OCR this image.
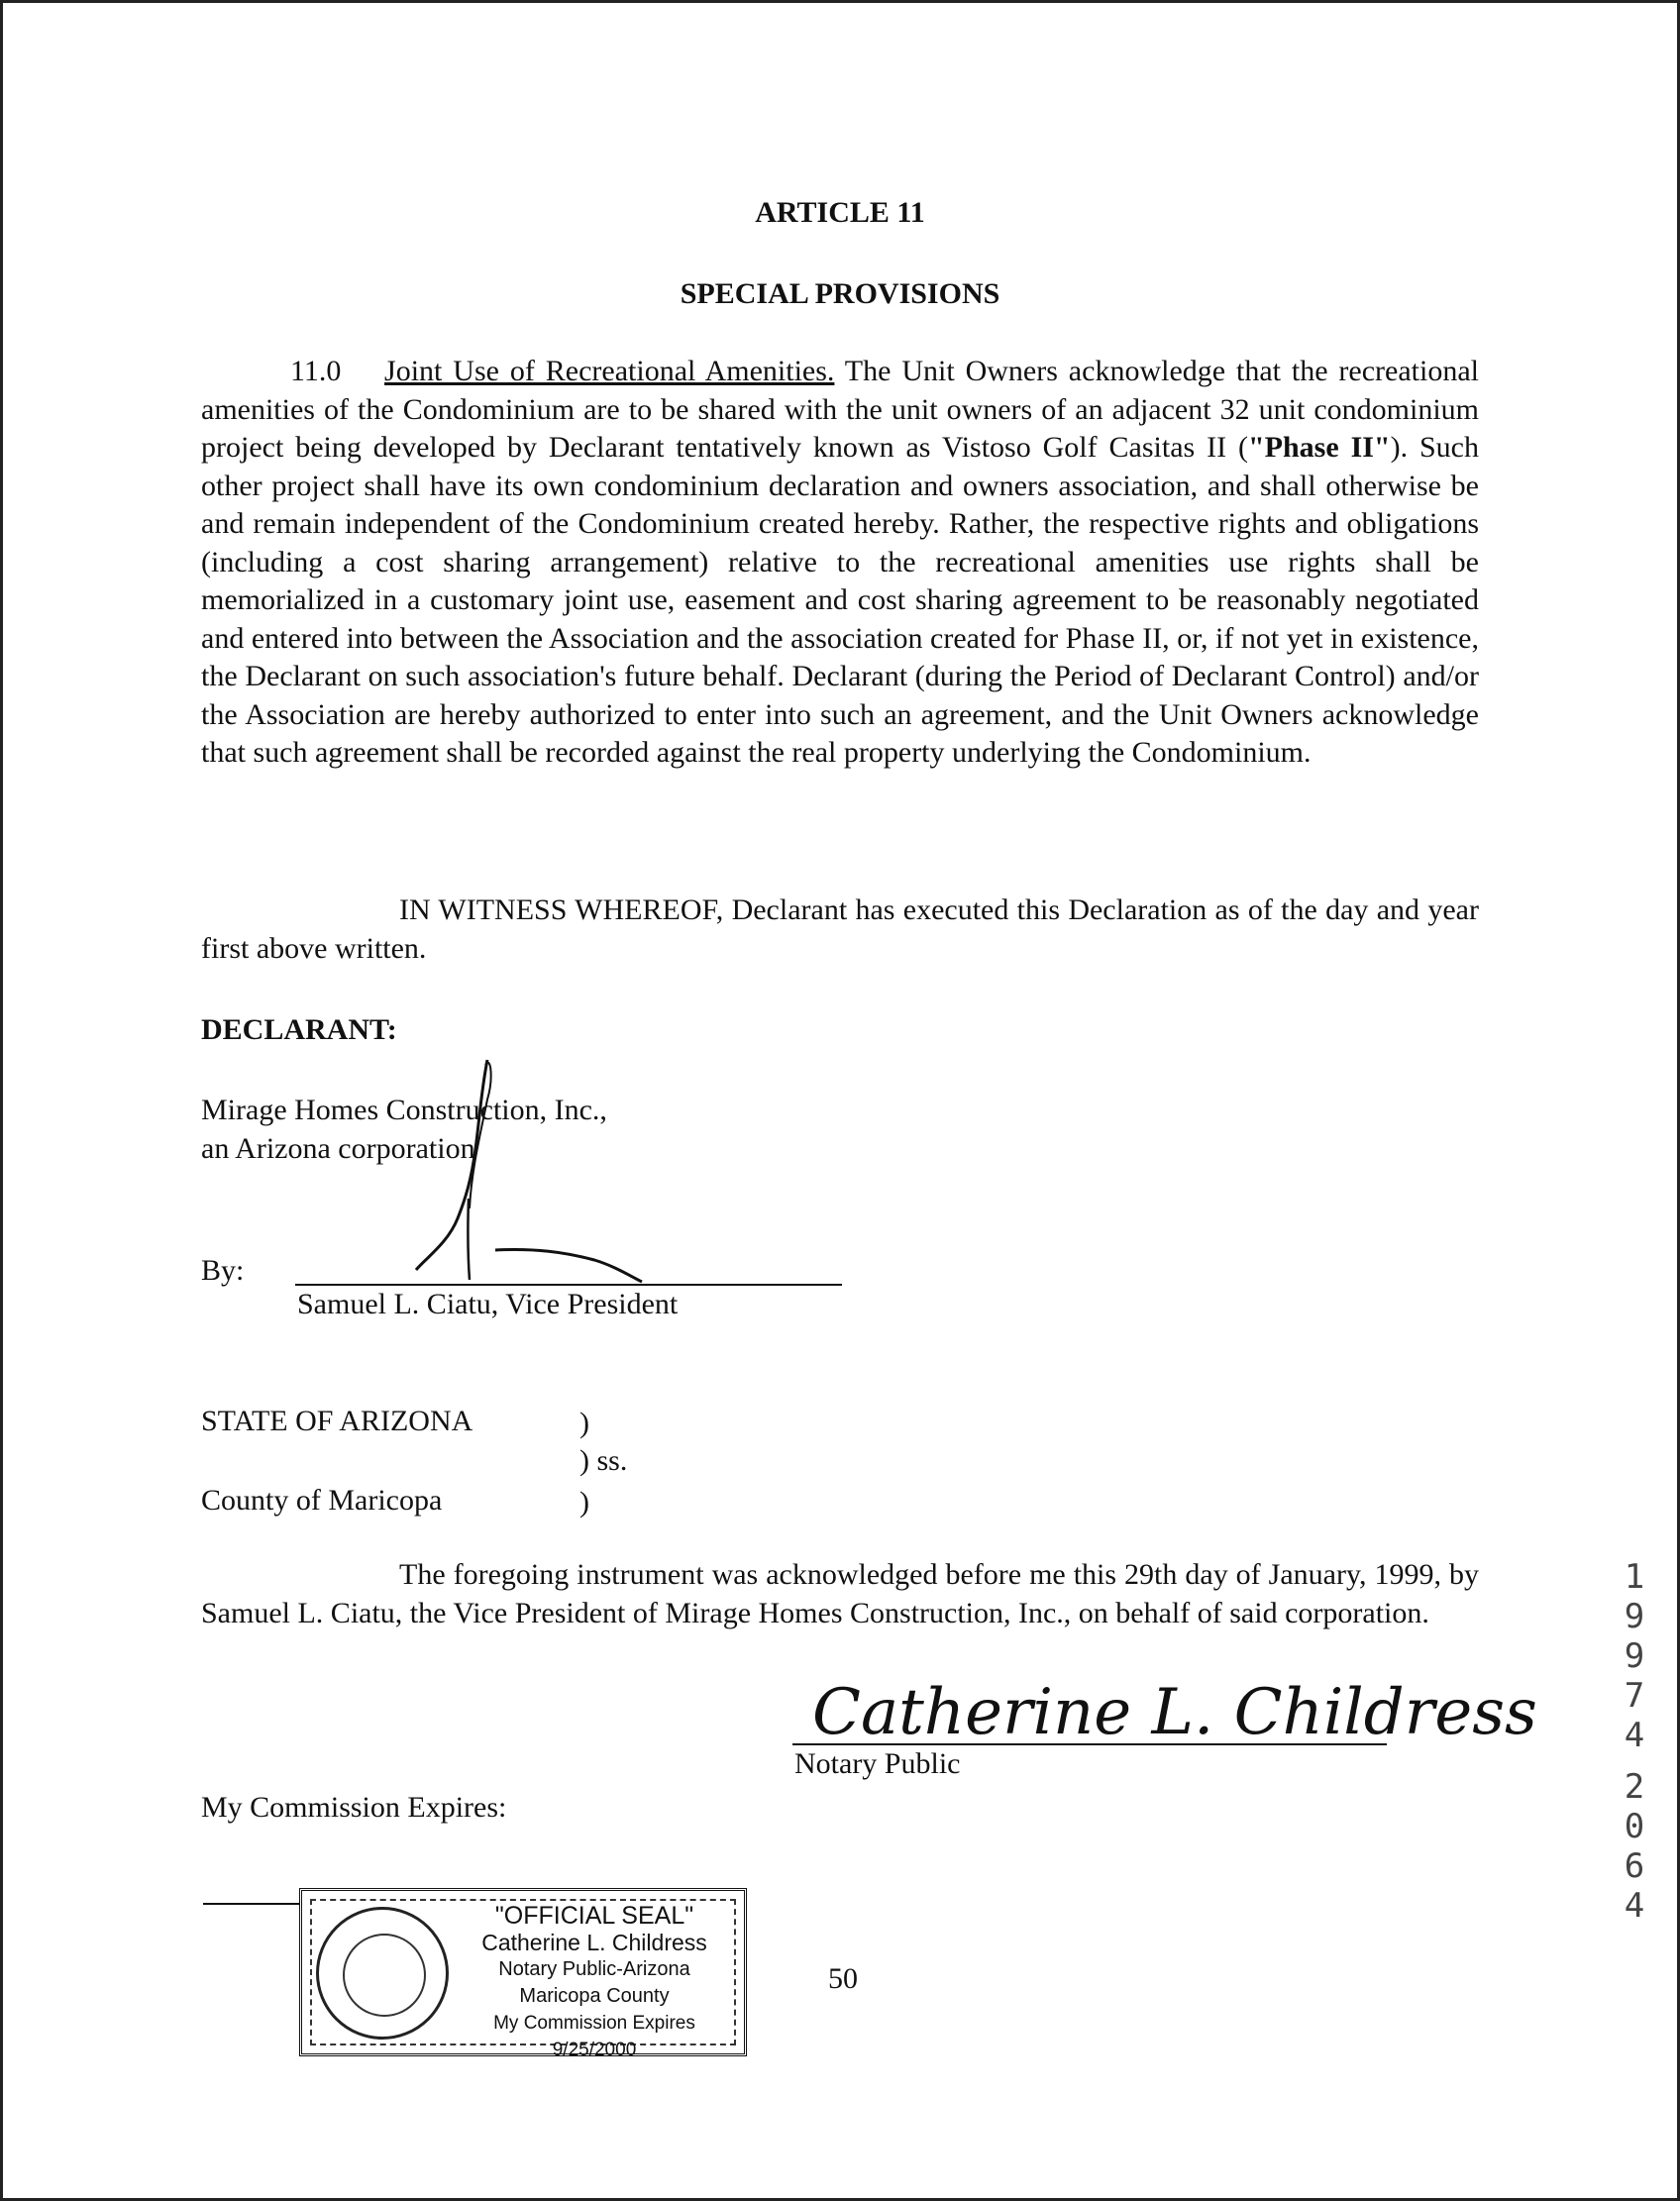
ARTICLE 11
SPECIAL PROVISIONS
11.0 Joint Use of Recreational Amenities. The Unit Owners acknowledge that the recreational amenities of the Condominium are to be shared with the unit owners of an adjacent 32 unit condominium project being developed by Declarant tentatively known as Vistoso Golf Casitas II ("Phase II"). Such other project shall have its own condominium declaration and owners association, and shall otherwise be and remain independent of the Condominium created hereby. Rather, the respective rights and obligations (including a cost sharing arrangement) relative to the recreational amenities use rights shall be memorialized in a customary joint use, easement and cost sharing agreement to be reasonably negotiated and entered into between the Association and the association created for Phase II, or, if not yet in existence, the Declarant on such association's future behalf. Declarant (during the Period of Declarant Control) and/or the Association are hereby authorized to enter into such an agreement, and the Unit Owners acknowledge that such agreement shall be recorded against the real property underlying the Condominium.
IN WITNESS WHEREOF, Declarant has executed this Declaration as of the day and year first above written.
DECLARANT:
Mirage Homes Construction, Inc.,
an Arizona corporation
By:
Samuel L. Ciatu, Vice President
STATE OF ARIZONA	)
) ss.
County of Maricopa	)
The foregoing instrument was acknowledged before me this 29th day of January, 1999, by Samuel L. Ciatu, the Vice President of Mirage Homes Construction, Inc., on behalf of said corporation.
Catherine L. Childress
Notary Public
My Commission Expires:
"OFFICIAL SEAL"
Catherine L. Childress
Notary Public-Arizona
Maricopa County
My Commission Expires 9/25/2000
50
19974
2064
